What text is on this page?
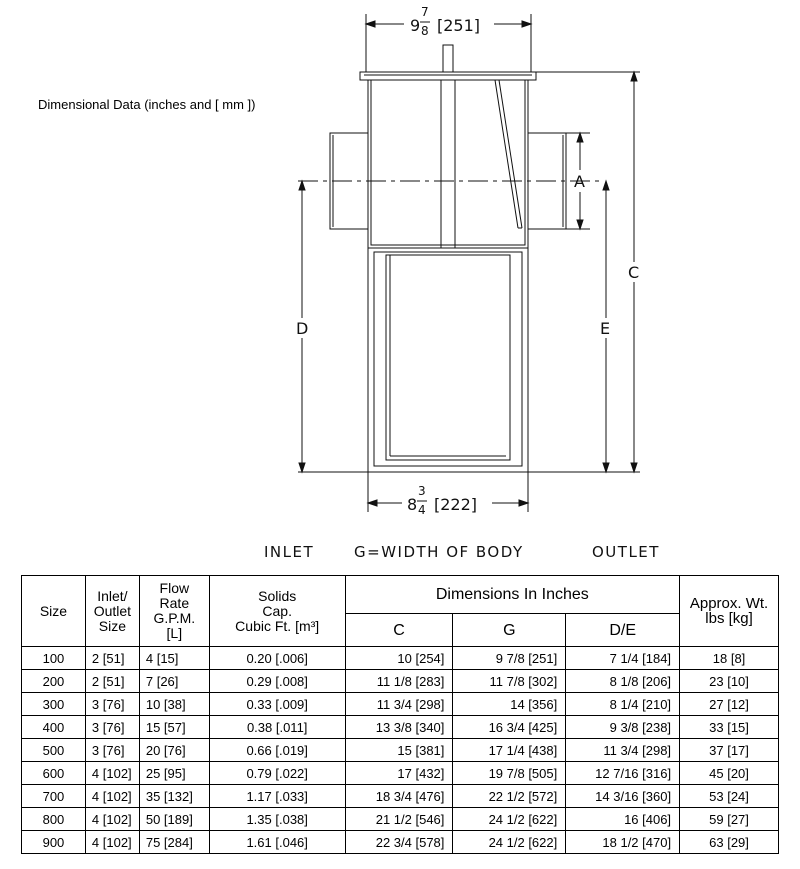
Dimensional Data (inches and [ mm ])
9
7
8 [251]
A
C
E
D
8
3
4 [222]
INLET	G=WIDTH OF BODY	OUTLET
Size	Inlet/
Outlet
Size	Flow
Rate
G.P.M.
[L]	Solids
Cap.
Cubic Ft. [m³]	Dimensions In Inches			Approx. Wt.
lbs [kg]
				C	G	D/E	
100	2 [51]	4 [15]	0.20 [.006]	10 [254]	9 7/8 [251]	7 1/4 [184]	18 [8]
200	2 [51]	7 [26]	0.29 [.008]	11 1/8 [283]	11 7/8 [302]	8 1/8 [206]	23 [10]
300	3 [76]	10 [38]	0.33 [.009]	11 3/4 [298]	14 [356]	8 1/4 [210]	27 [12]
400	3 [76]	15 [57]	0.38 [.011]	13 3/8 [340]	16 3/4 [425]	9 3/8 [238]	33 [15]
500	3 [76]	20 [76]	0.66 [.019]	15 [381]	17 1/4 [438]	11 3/4 [298]	37 [17]
600	4 [102]	25 [95]	0.79 [.022]	17 [432]	19 7/8 [505]	12 7/16 [316]	45 [20]
700	4 [102]	35 [132]	1.17 [.033]	18 3/4 [476]	22 1/2 [572]	14 3/16 [360]	53 [24]
800	4 [102]	50 [189]	1.35 [.038]	21 1/2 [546]	24 1/2 [622]	16 [406]	59 [27]
900	4 [102]	75 [284]	1.61 [.046]	22 3/4 [578]	24 1/2 [622]	18 1/2 [470]	63 [29]
